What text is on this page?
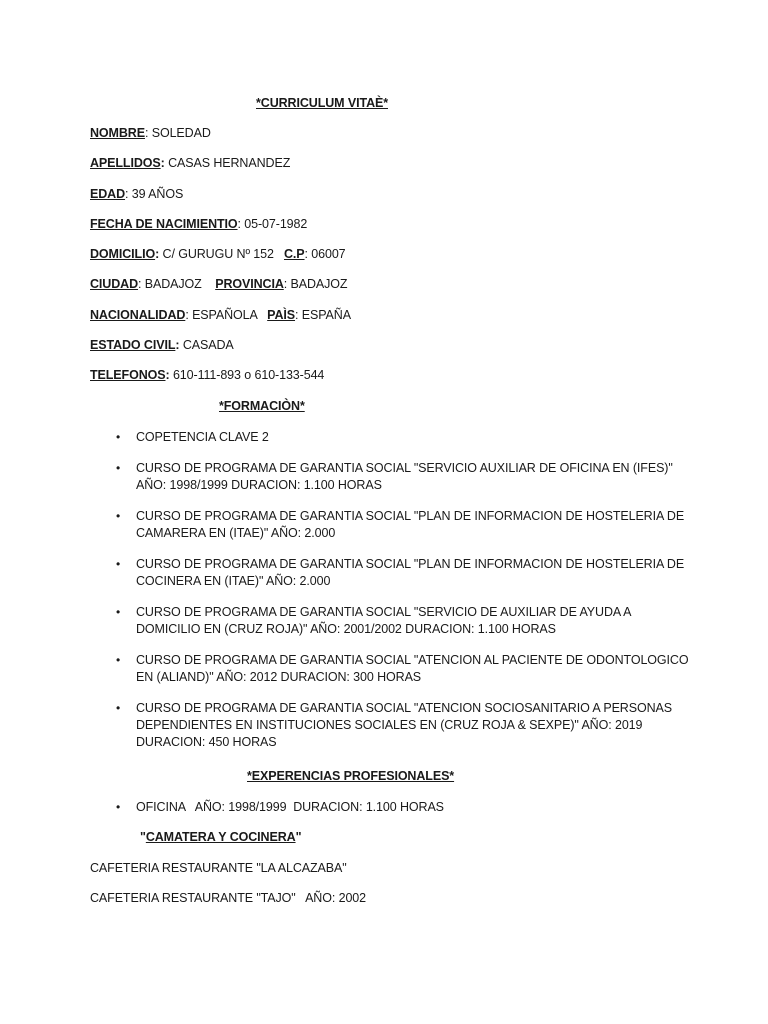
*CURRICULUM VITAÈ*
NOMBRE: SOLEDAD
APELLIDOS: CASAS HERNANDEZ
EDAD: 39 AÑOS
FECHA DE NACIMIENTIO: 05-07-1982
DOMICILIO: C/ GURUGU Nº 152   C.P: 06007
CIUDAD: BADAJOZ    PROVINCIA: BADAJOZ
NACIONALIDAD: ESPAÑOLA   PAÌS: ESPAÑA
ESTADO CIVIL: CASADA
TELEFONOS: 610-111-893 o 610-133-544
*FORMACIÒN*
• COPETENCIA CLAVE 2
• CURSO DE PROGRAMA DE GARANTIA SOCIAL "SERVICIO AUXILIAR DE OFICINA EN (IFES)" AÑO: 1998/1999 DURACION: 1.100 HORAS
• CURSO DE PROGRAMA DE GARANTIA SOCIAL "PLAN DE INFORMACION DE HOSTELERIA DE CAMARERA EN (ITAE)" AÑO: 2.000
• CURSO DE PROGRAMA DE GARANTIA SOCIAL "PLAN DE INFORMACION DE HOSTELERIA DE COCINERA EN (ITAE)" AÑO: 2.000
• CURSO DE PROGRAMA DE GARANTIA SOCIAL "SERVICIO DE AUXILIAR DE AYUDA A DOMICILIO EN (CRUZ ROJA)" AÑO: 2001/2002 DURACION: 1.100 HORAS
• CURSO DE PROGRAMA DE GARANTIA SOCIAL "ATENCION AL PACIENTE DE ODONTOLOGICO EN (ALIAND)" AÑO: 2012 DURACION: 300 HORAS
• CURSO DE PROGRAMA DE GARANTIA SOCIAL "ATENCION SOCIOSANITARIO A PERSONAS DEPENDIENTES EN INSTITUCIONES SOCIALES EN (CRUZ ROJA & SEXPE)" AÑO: 2019 DURACION: 450 HORAS
*EXPERENCIAS PROFESIONALES*
• OFICINA   AÑO: 1998/1999  DURACION: 1.100 HORAS
"CAMATERA Y COCINERA"
CAFETERIA RESTAURANTE "LA ALCAZABA"
CAFETERIA RESTAURANTE "TAJO"   AÑO: 2002
